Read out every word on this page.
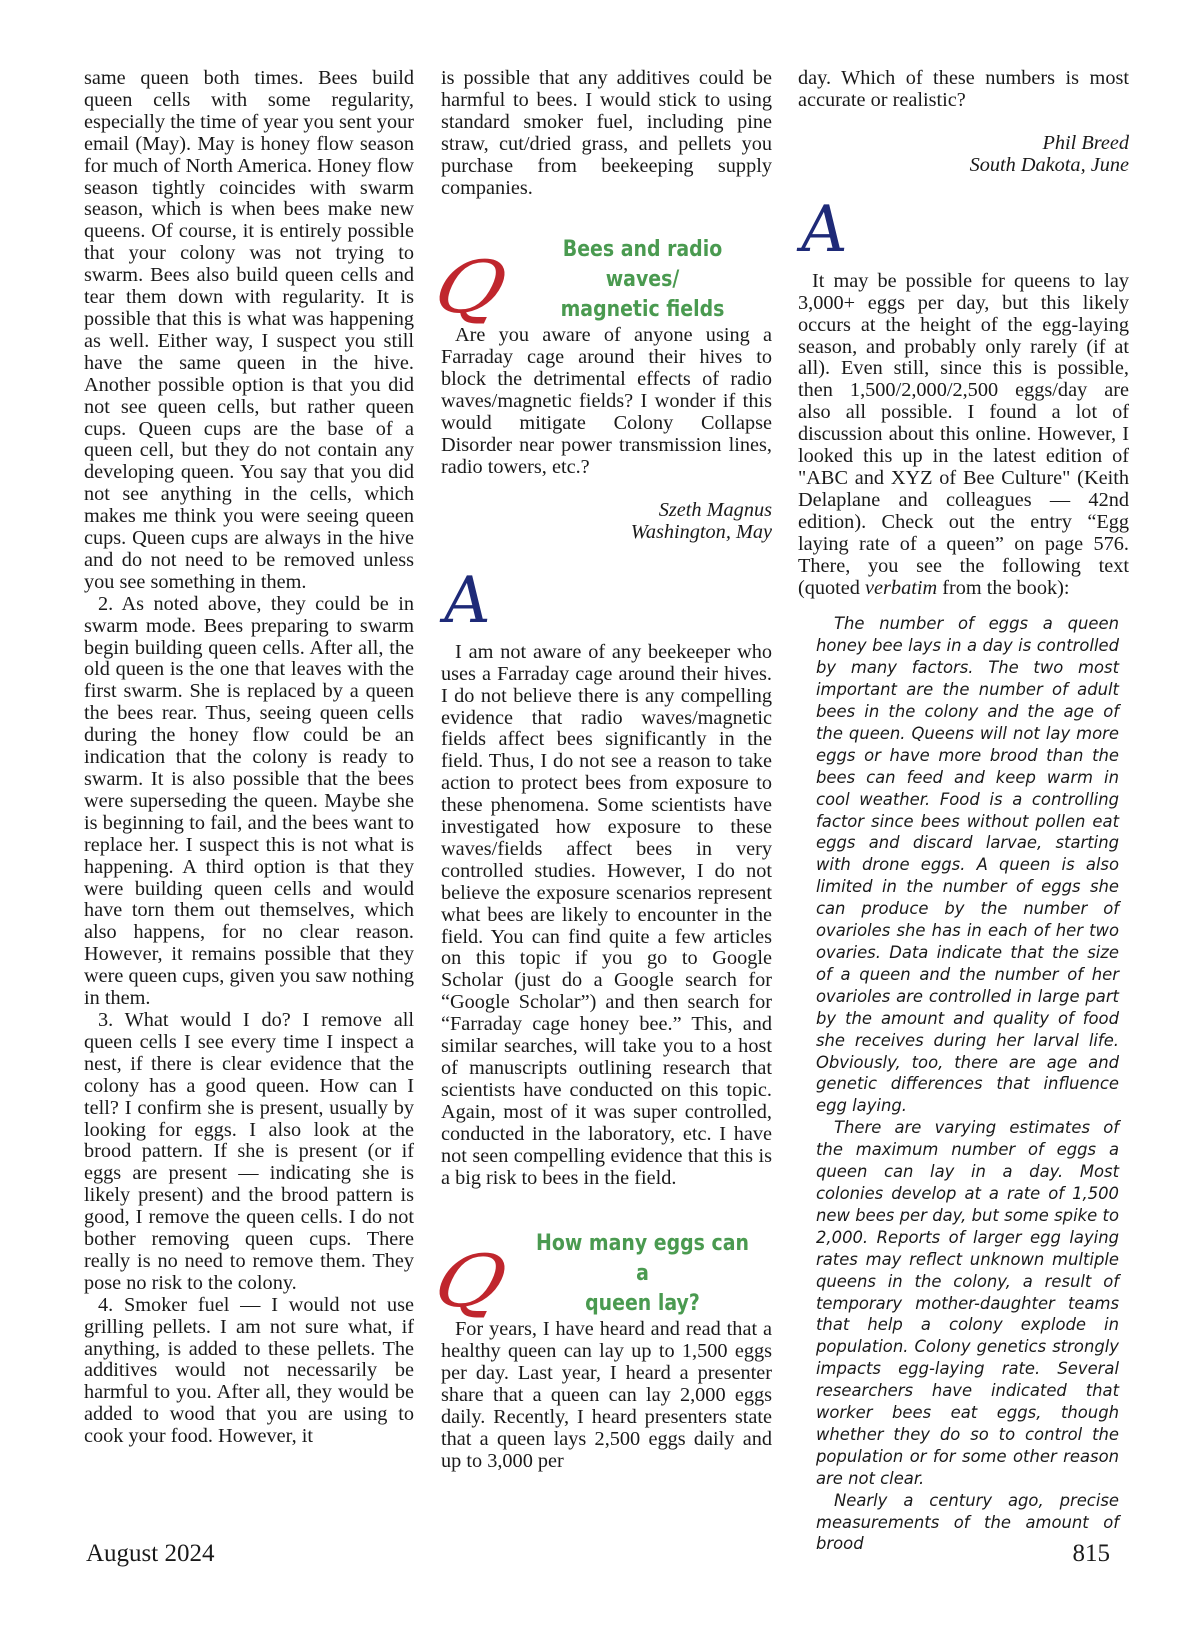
same queen both times. Bees build queen cells with some regularity, especially the time of year you sent your email (May). May is honey flow season for much of North America. Honey flow season tightly coincides with swarm season, which is when bees make new queens. Of course, it is entirely possible that your colony was not trying to swarm. Bees also build queen cells and tear them down with regularity. It is possible that this is what was happening as well. Either way, I suspect you still have the same queen in the hive. Another possible option is that you did not see queen cells, but rather queen cups. Queen cups are the base of a queen cell, but they do not contain any developing queen. You say that you did not see anything in the cells, which makes me think you were seeing queen cups. Queen cups are always in the hive and do not need to be removed unless you see something in them.

2. As noted above, they could be in swarm mode. Bees preparing to swarm begin building queen cells. After all, the old queen is the one that leaves with the first swarm. She is replaced by a queen the bees rear. Thus, seeing queen cells during the honey flow could be an indication that the colony is ready to swarm. It is also possible that the bees were superseding the queen. Maybe she is beginning to fail, and the bees want to replace her. I suspect this is not what is happening. A third option is that they were building queen cells and would have torn them out themselves, which also happens, for no clear reason. However, it remains possible that they were queen cups, given you saw nothing in them.

3. What would I do? I remove all queen cells I see every time I inspect a nest, if there is clear evidence that the colony has a good queen. How can I tell? I confirm she is present, usually by looking for eggs. I also look at the brood pattern. If she is present (or if eggs are present — indicating she is likely present) and the brood pattern is good, I remove the queen cells. I do not bother removing queen cups. There really is no need to remove them. They pose no risk to the colony.

4. Smoker fuel — I would not use grilling pellets. I am not sure what, if anything, is added to these pellets. The additives would not necessarily be harmful to you. After all, they would be added to wood that you are using to cook your food. However, it

is possible that any additives could be harmful to bees. I would stick to using standard smoker fuel, including pine straw, cut/dried grass, and pellets you purchase from beekeeping supply companies.

Q	Bees and radio waves/
magnetic fields

Are you aware of anyone using a Farraday cage around their hives to block the detrimental effects of radio waves/magnetic fields? I wonder if this would mitigate Colony Collapse Disorder near power transmission lines, radio towers, etc.?

Szeth Magnus
Washington, May
A

I am not aware of any beekeeper who uses a Farraday cage around their hives. I do not believe there is any compelling evidence that radio waves/magnetic fields affect bees significantly in the field. Thus, I do not see a reason to take action to protect bees from exposure to these phenomena. Some scientists have investigated how exposure to these waves/fields affect bees in very controlled studies. However, I do not believe the exposure scenarios represent what bees are likely to encounter in the field. You can find quite a few articles on this topic if you go to Google Scholar (just do a Google search for “Google Scholar”) and then search for “Farraday cage honey bee.” This, and similar searches, will take you to a host of manuscripts outlining research that scientists have conducted on this topic. Again, most of it was super controlled, conducted in the laboratory, etc. I have not seen compelling evidence that this is a big risk to bees in the field.

Q How many eggs can a
queen lay?

For years, I have heard and read that a healthy queen can lay up to 1,500 eggs per day. Last year, I heard a presenter share that a queen can lay 2,000 eggs daily. Recently, I heard presenters state that a queen lays 2,500 eggs daily and up to 3,000 per

day. Which of these numbers is most accurate or realistic?

Phil Breed
South Dakota, June
A

It may be possible for queens to lay 3,000+ eggs per day, but this likely occurs at the height of the egg-laying season, and probably only rarely (if at all). Even still, since this is possible, then 1,500/2,000/2,500 eggs/day are also all possible. I found a lot of discussion about this online. However, I looked this up in the latest edition of "ABC and XYZ of Bee Culture" (Keith Delaplane and colleagues — 42nd edition). Check out the entry “Egg laying rate of a queen” on page 576. There, you see the following text (quoted verbatim from the book):

The number of eggs a queen honey bee lays in a day is controlled by many factors. The two most important are the number of adult bees in the colony and the age of the queen. Queens will not lay more eggs or have more brood than the bees can feed and keep warm in cool weather. Food is a controlling factor since bees without pollen eat eggs and discard larvae, starting with drone eggs. A queen is also limited in the number of eggs she can produce by the number of ovarioles she has in each of her two ovaries. Data indicate that the size of a queen and the number of her ovarioles are controlled in large part by the amount and quality of food she receives during her larval life. Obviously, too, there are age and genetic differences that influence egg laying.

There are varying estimates of the maximum number of eggs a queen can lay in a day. Most colonies develop at a rate of 1,500 new bees per day, but some spike to 2,000. Reports of larger egg laying rates may reflect unknown multiple queens in the colony, a result of temporary mother-daughter teams that help a colony explode in population. Colony genetics strongly impacts egg-laying rate. Several researchers have indicated that worker bees eat eggs, though whether they do so to control the population or for some other reason are not clear.

Nearly a century ago, precise measurements of the amount of brood

August 2024	815
